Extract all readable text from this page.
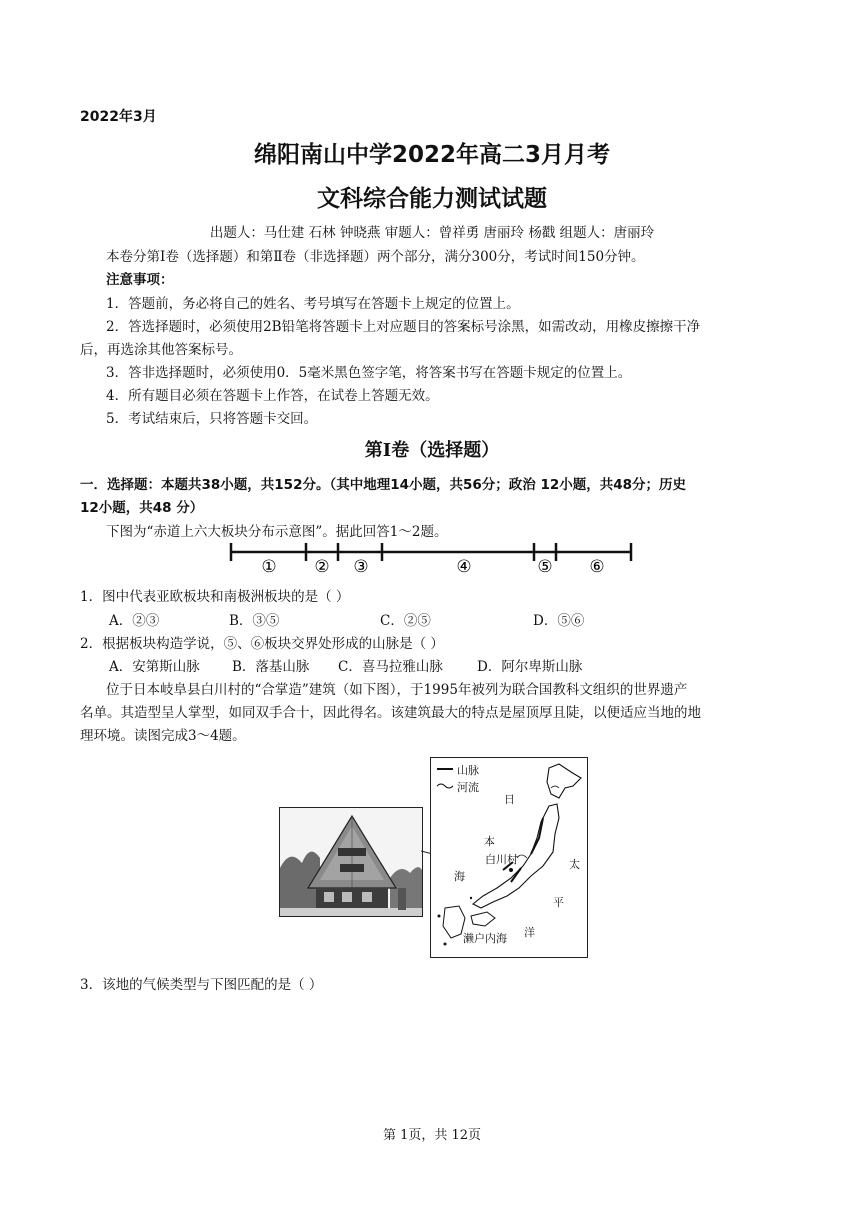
2022年3月
绵阳南山中学2022年高二3月月考
文科综合能力测试试题
出题人：马仕建 石林 钟晓燕 审题人：曾祥勇 唐丽玲 杨戳 组题人：唐丽玲
本卷分第Ⅰ卷（选择题）和第Ⅱ卷（非选择题）两个部分，满分300分，考试时间150分钟。
注意事项：
1．答题前，务必将自己的姓名、考号填写在答题卡上规定的位置上。
2．答选择题时，必须使用2B铅笔将答题卡上对应题目的答案标号涂黑，如需改动，用橡皮擦擦干净
后，再选涂其他答案标号。
3．答非选择题时，必须使用0．5毫米黑色签字笔，将答案书写在答题卡规定的位置上。
4．所有题目必须在答题卡上作答，在试卷上答题无效。
5．考试结束后，只将答题卡交回。
第Ⅰ卷（选择题）
一．选择题：本题共38小题，共152分。（其中地理14小题，共56分；政治 12小题，共48分；历史
12小题，共48 分）
下图为“赤道上六大板块分布示意图”。据此回答1～2题。
① ② ③	④	⑤ ⑥
1．图中代表亚欧板块和南极洲板块的是（ ）
A．②③	B．③⑤	C．②⑤	D．⑤⑥
2．根据板块构造学说，⑤、⑥板块交界处形成的山脉是（ ）
A．安第斯山脉 B．落基山脉 C．喜马拉雅山脉	D．阿尔卑斯山脉
位于日本岐阜县白川村的“合掌造”建筑（如下图），于1995年被列为联合国教科文组织的世界遗产
名单。其造型呈人掌型，如同双手合十，因此得名。该建筑最大的特点是屋顶厚且陡，以便适应当地的地
理环境。读图完成3～4题。
山脉
河流
日
本
白川村
海
太
平
洋
濑户内海
3．该地的气候类型与下图匹配的是（ ）
第 1页，共 12页
